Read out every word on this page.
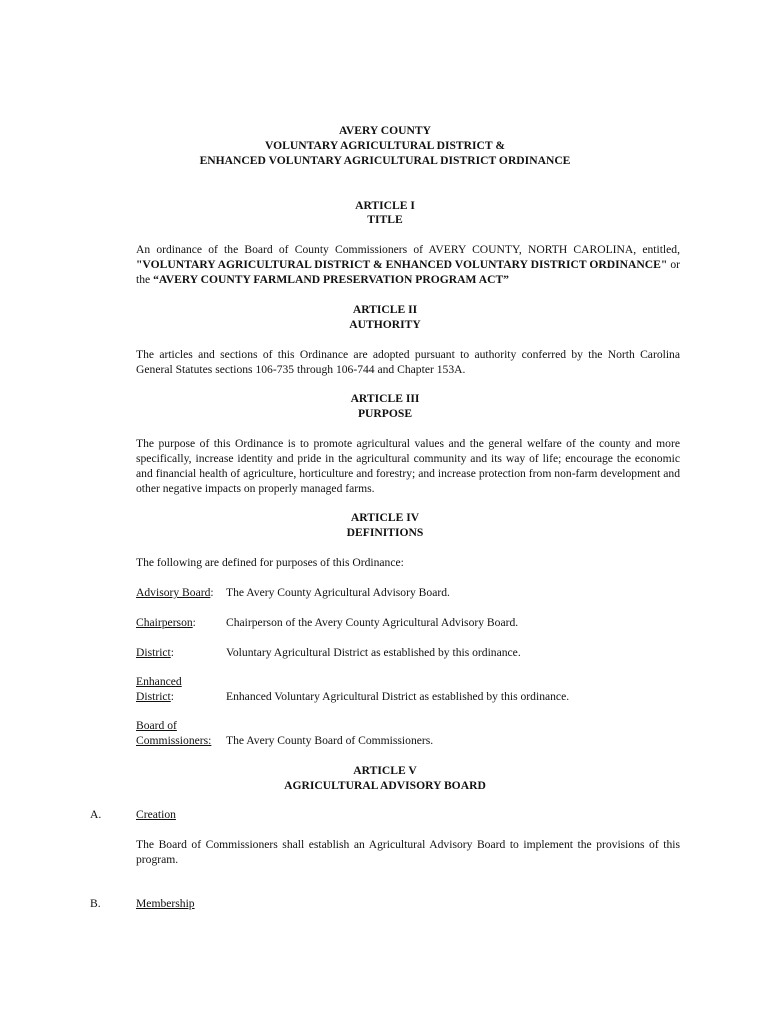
AVERY COUNTY
VOLUNTARY AGRICULTURAL DISTRICT &
ENHANCED VOLUNTARY AGRICULTURAL DISTRICT ORDINANCE
ARTICLE I
TITLE
An ordinance of the Board of County Commissioners of AVERY COUNTY, NORTH CAROLINA, entitled, "VOLUNTARY AGRICULTURAL DISTRICT & ENHANCED VOLUNTARY DISTRICT ORDINANCE" or the “AVERY COUNTY FARMLAND PRESERVATION PROGRAM ACT”
ARTICLE II
AUTHORITY
The articles and sections of this Ordinance are adopted pursuant to authority conferred by the North Carolina General Statutes sections 106-735 through 106-744 and Chapter 153A.
ARTICLE III
PURPOSE
The purpose of this Ordinance is to promote agricultural values and the general welfare of the county and more specifically, increase identity and pride in the agricultural community and its way of life; encourage the economic and financial health of agriculture, horticulture and forestry; and increase protection from non-farm development and other negative impacts on properly managed farms.
ARTICLE IV
DEFINITIONS
The following are defined for purposes of this Ordinance:
Advisory Board: The Avery County Agricultural Advisory Board.
Chairperson:	Chairperson of the Avery County Agricultural Advisory Board.
District:	Voluntary Agricultural District as established by this ordinance.
Enhanced
District:	Enhanced Voluntary Agricultural District as established by this ordinance.
Board of
Commissioners: The Avery County Board of Commissioners.
ARTICLE V
AGRICULTURAL ADVISORY BOARD
A.	Creation
The Board of Commissioners shall establish an Agricultural Advisory Board to implement the provisions of this program.
B.	Membership
